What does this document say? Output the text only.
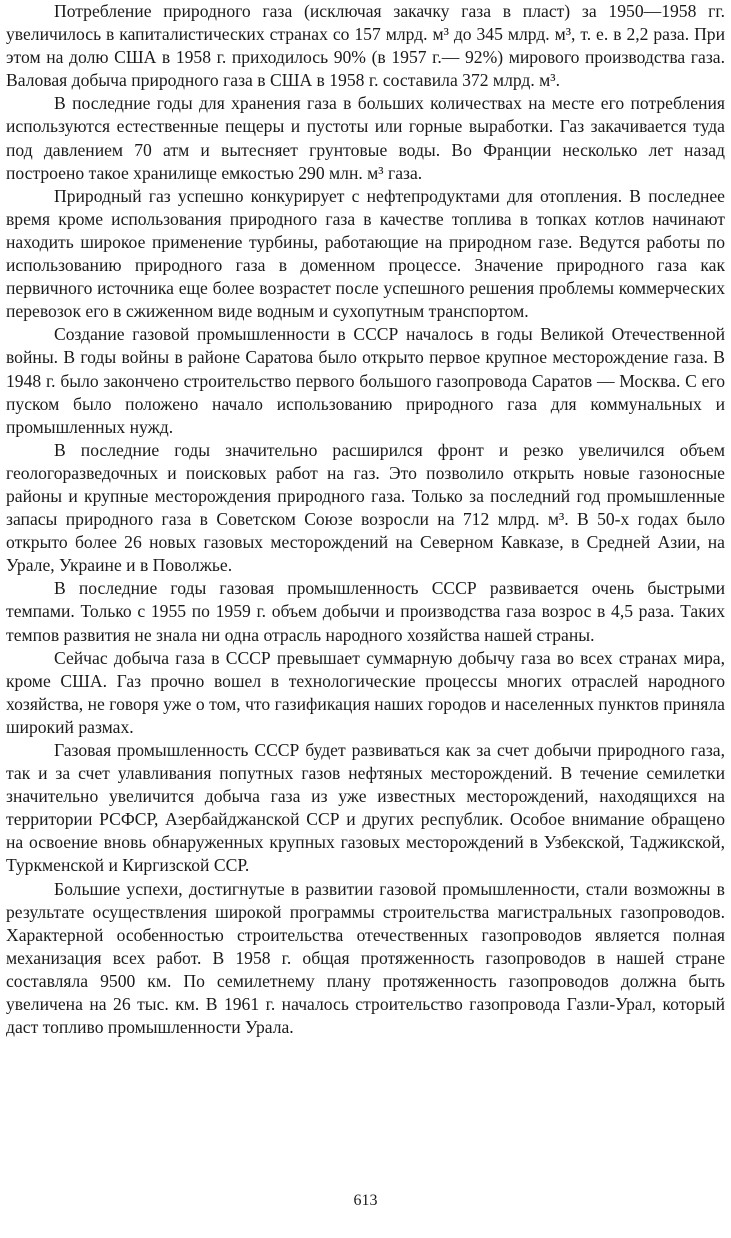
Потребление природного газа (исключая закачку газа в пласт) за 1950—1958 гг. увеличилось в капиталистических странах со 157 млрд. м³ до 345 млрд. м³, т. е. в 2,2 раза. При этом на долю США в 1958 г. приходилось 90% (в 1957 г.— 92%) мирового производства газа. Валовая добыча природного газа в США в 1958 г. составила 372 млрд. м³.

В последние годы для хранения газа в больших количествах на месте его потребления используются естественные пещеры и пустоты или горные выработки. Газ закачивается туда под давлением 70 атм и вытесняет грунтовые воды. Во Франции несколько лет назад построено такое хранилище емкостью 290 млн. м³ газа.

Природный газ успешно конкурирует с нефтепродуктами для отопления. В последнее время кроме использования природного газа в качестве топлива в топках котлов начинают находить широкое применение турбины, работающие на природном газе. Ведутся работы по использованию природного газа в доменном процессе. Значение природного газа как первичного источника еще более возрастет после успешного решения проблемы коммерческих перевозок его в сжиженном виде водным и сухопутным транспортом.

Создание газовой промышленности в СССР началось в годы Великой Отечественной войны. В годы войны в районе Саратова было открыто первое крупное месторождение газа. В 1948 г. было закончено строительство первого большого газопровода Саратов — Москва. С его пуском было положено начало использованию природного газа для коммунальных и промышленных нужд.

В последние годы значительно расширился фронт и резко увеличился объем геологоразведочных и поисковых работ на газ. Это позволило открыть новые газоносные районы и крупные месторождения природного газа. Только за последний год промышленные запасы природного газа в Советском Союзе возросли на 712 млрд. м³. В 50-х годах было открыто более 26 новых газовых месторождений на Северном Кавказе, в Средней Азии, на Урале, Украине и в Поволжье.

В последние годы газовая промышленность СССР развивается очень быстрыми темпами. Только с 1955 по 1959 г. объем добычи и производства газа возрос в 4,5 раза. Таких темпов развития не знала ни одна отрасль народного хозяйства нашей страны.

Сейчас добыча газа в СССР превышает суммарную добычу газа во всех странах мира, кроме США. Газ прочно вошел в технологические процессы многих отраслей народного хозяйства, не говоря уже о том, что газификация наших городов и населенных пунктов приняла широкий размах.

Газовая промышленность СССР будет развиваться как за счет добычи природного газа, так и за счет улавливания попутных газов нефтяных месторождений. В течение семилетки значительно увеличится добыча газа из уже известных месторождений, находящихся на территории РСФСР, Азербайджанской ССР и других республик. Особое внимание обращено на освоение вновь обнаруженных крупных газовых месторождений в Узбекской, Таджикской, Туркменской и Киргизской ССР.

Большие успехи, достигнутые в развитии газовой промышленности, стали возможны в результате осуществления широкой программы строительства магистральных газопроводов. Характерной особенностью строительства отечественных газопроводов является полная механизация всех работ. В 1958 г. общая протяженность газопроводов в нашей стране составляла 9500 км. По семилетнему плану протяженность газопроводов должна быть увеличена на 26 тыс. км. В 1961 г. началось строительство газопровода Газли-Урал, который даст топливо промышленности Урала.

613
